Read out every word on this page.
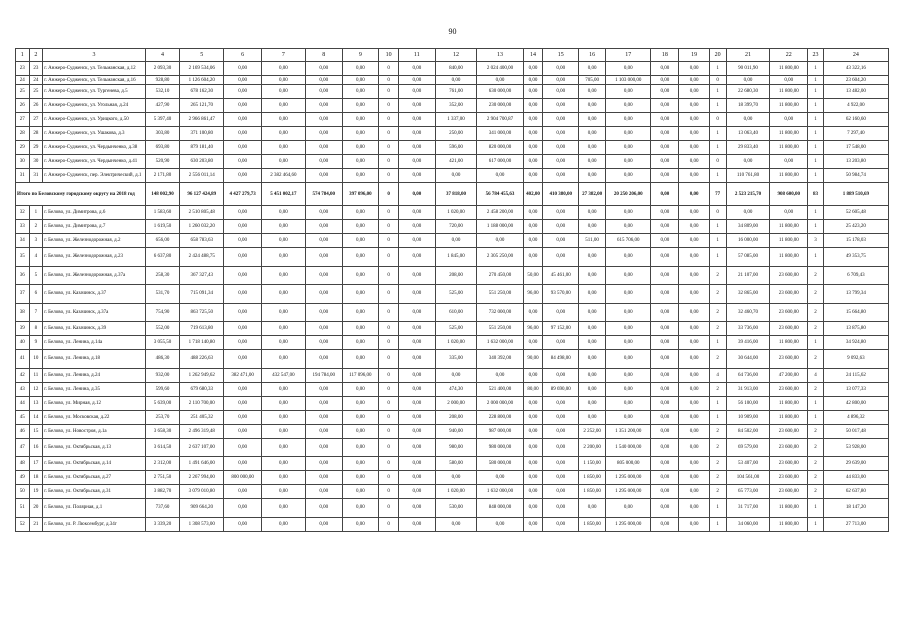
90
1	2	3	4	5	6	7	8	9	10	11	12	13	14	15	16	17	18	19	20	21	22	23	24
23	23	г. Анжеро-Судженск, ул. Тельманская, д.12	2 093,30	2 169 534,06	0,00	0,00	0,00	0,00	0	0,00	840,00	2 024 400,00	0,00	0,00	0,00	0,00	0,00	0,00	1	90 011,90	11 800,00	1	43 322,16
24	24	г. Анжеро-Судженск, ул. Тельманская, д.16	928,80	1 126 604,20	0,00	0,00	0,00	0,00	0	0,00	0,00	0,00	0,00	0,00	705,00	1 103 000,00	0,00	0,00	0	0,00	0,00	1	23 604,20
25	25	г. Анжеро-Судженск, ул. Тургенева, д.5	532,10	678 162,30	0,00	0,00	0,00	0,00	0	0,00	761,00	630 000,00	0,00	0,00	0,00	0,00	0,00	0,00	1	22 680,30	11 800,00	1	13 482,00
26	26	г. Анжеро-Судженск, ул. Угольная, д.24	427,90	265 121,70	0,00	0,00	0,00	0,00	0	0,00	352,00	230 000,00	0,00	0,00	0,00	0,00	0,00	0,00	1	18 399,70	11 800,00	1	4 922,00
27	27	г. Анжеро-Судженск, ул. Урицкого, д.50	5 397,40	2 966 861,47	0,00	0,00	0,00	0,00	0	0,00	1 337,00	2 904 700,87	0,00	0,00	0,00	0,00	0,00	0,00	0	0,00	0,00	1	62 160,60
28	28	г. Анжеро-Судженск, ул. Ушакова, д.3	303,80	371 100,80	0,00	0,00	0,00	0,00	0	0,00	250,00	341 000,00	0,00	0,00	0,00	0,00	0,00	0,00	1	13 063,40	11 800,00	1	7 297,40
29	29	г. Анжеро-Судженск, ул. Чердынченко, д.38	693,80	879 181,40	0,00	0,00	0,00	0,00	0	0,00	596,00	820 000,00	0,00	0,00	0,00	0,00	0,00	0,00	1	29 833,40	11 800,00	1	17 548,00
30	30	г. Анжеро-Судженск, ул. Чердынченко, д.41	520,90	630 203,80	0,00	0,00	0,00	0,00	0	0,00	421,00	617 000,00	0,00	0,00	0,00	0,00	0,00	0,00	0	0,00	0,00	1	13 203,80
31	31	г. Анжеро-Судженск, пер. Электрический, д.1	2 171,80	2 556 011,14	0,00	2 382 464,60	0,00	0,00	0	0,00	0,00	0,00	0,00	0,00	0,00	0,00	0,00	0,00	1	110 761,80	11 800,00	1	50 984,74
Итого по Беловскому городскому округу на 2018 год			148 002,90	96 127 424,89	4 427 279,73	5 451 002,17	574 784,00	397 096,00	0	0,00	37 818,00	56 784 455,63	402,00	410 380,00	27 382,00	20 250 206,00	0,00	0,00	77	2 523 215,70	908 600,00	83	1 889 510,69
32	1	г. Белово, ул. Димитрова, д.6	1 583,60	2 510 805,48	0,00	0,00	0,00	0,00	0	0,00	1 020,00	2 458 200,00	0,00	0,00	0,00	0,00	0,00	0,00	0	0,00	0,00	1	52 605,48
33	2	г. Белово, ул. Димитрова, д.7	1 619,50	1 260 032,20	0,00	0,00	0,00	0,00	0	0,00	720,00	1 188 000,00	0,00	0,00	0,00	0,00	0,00	0,00	1	34 809,00	11 800,00	1	25 423,20
34	3	г. Белово, ул. Железнодорожная, д.2	656,00	658 783,63	0,00	0,00	0,00	0,00	0	0,00	0,00	0,00	0,00	0,00	511,00	615 706,00	0,00	0,00	1	16 000,00	11 800,00	3	15 178,03
35	4	г. Белово, ул. Железнодорожная, д.23	6 637,80	2 424 488,75	0,00	0,00	0,00	0,00	0	0,00	1 845,00	2 305 250,00	0,00	0,00	0,00	0,00	0,00	0,00	1	57 085,00	11 800,00	1	49 353,75
36	5	г. Белово, ул. Железнодорожная, д.37а	258,30	367 327,43	0,00	0,00	0,00	0,00	0	0,00	208,00	270 450,00	50,00	45 461,00	0,00	0,00	0,00	0,00	2	21 107,00	23 600,00	2	6 709,43
37	6	г. Белово, ул. Казачинск, д.37	531,70	715 091,34	0,00	0,00	0,00	0,00	0	0,00	525,00	551 250,00	96,00	93 570,00	0,00	0,00	0,00	0,00	2	32 865,00	23 600,00	2	13 799,34
38	7	г. Белово, ул. Казачинск, д.37а	754,90	863 725,50	0,00	0,00	0,00	0,00	0	0,00	610,00	732 000,00	0,00	0,00	0,00	0,00	0,00	0,00	2	32 460,70	23 600,00	2	15 664,80
39	8	г. Белово, ул. Казачинск, д.39	552,00	719 613,80	0,00	0,00	0,00	0,00	0	0,00	525,00	551 250,00	96,00	97 152,00	0,00	0,00	0,00	0,00	2	33 736,00	23 600,00	2	13 875,80
40	9	г. Белово, ул. Ленина, д.14а	3 055,50	1 718 140,80	0,00	0,00	0,00	0,00	0	0,00	1 020,00	1 632 000,00	0,00	0,00	0,00	0,00	0,00	0,00	1	39 416,00	11 800,00	1	34 924,80
41	10	г. Белово, ул. Ленина, д.18	486,30	488 226,63	0,00	0,00	0,00	0,00	0	0,00	335,00	340 392,00	90,00	84 498,00	0,00	0,00	0,00	0,00	2	30 644,00	23 600,00	2	9 092,63
42	11	г. Белово, ул. Ленина, д.24	932,00	1 262 949,62	382 471,00	432 547,00	194 784,00	117 096,00	0	0,00	0,00	0,00	0,00	0,00	0,00	0,00	0,00	0,00	4	64 736,00	47 200,00	4	24 115,62
43	12	г. Белово, ул. Ленина, д.35	599,60	679 680,33	0,00	0,00	0,00	0,00	0	0,00	474,30	521 400,00	80,00	89 690,00	0,00	0,00	0,00	0,00	2	31 913,00	23 600,00	2	13 077,33
44	13	г. Белово, ул. Мирная, д.12	5 639,00	2 110 700,00	0,00	0,00	0,00	0,00	0	0,00	2 000,00	2 000 000,00	0,00	0,00	0,00	0,00	0,00	0,00	1	56 100,00	11 800,00	1	42 800,00
45	14	г. Белово, ул. Московская, д.22	253,70	251 405,32	0,00	0,00	0,00	0,00	0	0,00	208,00	228 800,00	0,00	0,00	0,00	0,00	0,00	0,00	1	10 909,00	11 800,00	1	4 896,32
46	15	г. Белово, ул. Новостроя, д.1а	3 658,30	2 496 319,48	0,00	0,00	0,00	0,00	0	0,00	940,00	987 000,00	0,00	0,00	2 252,00	1 351 200,00	0,00	0,00	2	84 502,00	23 600,00	2	50 017,48
47	16	г. Белово, ул. Октябрьская, д.13	3 614,50	2 637 107,00	0,00	0,00	0,00	0,00	0	0,00	980,00	980 000,00	0,00	0,00	2 200,00	1 540 000,00	0,00	0,00	2	69 579,00	23 600,00	2	53 928,00
48	17	г. Белово, ул. Октябрьская, д.14	2 312,00	1 491 646,00	0,00	0,00	0,00	0,00	0	0,00	580,00	580 000,00	0,00	0,00	1 150,00	805 000,00	0,00	0,00	2	53 407,00	23 600,00	2	29 639,00
49	18	г. Белово, ул. Октябрьская, д.27	2 751,50	2 267 994,00	800 000,00	0,00	0,00	0,00	0	0,00	0,00	0,00	0,00	0,00	1 850,00	1 295 000,00	0,00	0,00	2	104 561,00	23 600,00	2	44 833,00
50	19	г. Белово, ул. Октябрьская, д.31	3 882,70	3 079 010,80	0,00	0,00	0,00	0,00	0	0,00	1 020,00	1 632 000,00	0,00	0,00	1 850,00	1 295 000,00	0,00	0,00	2	65 773,00	23 600,00	2	62 637,80
51	20	г. Белово, ул. Полярная, д.1	737,60	909 664,20	0,00	0,00	0,00	0,00	0	0,00	530,00	848 000,00	0,00	0,00	0,00	0,00	0,00	0,00	1	31 717,00	11 800,00	1	18 147,20
52	21	г. Белово, ул. Р. Люксембург, д.34г	3 339,20	1 308 573,00	0,00	0,00	0,00	0,00	0	0,00	0,00	0,00	0,00	0,00	1 850,00	1 295 000,00	0,00	0,00	1	34 060,00	11 800,00	1	27 713,00
